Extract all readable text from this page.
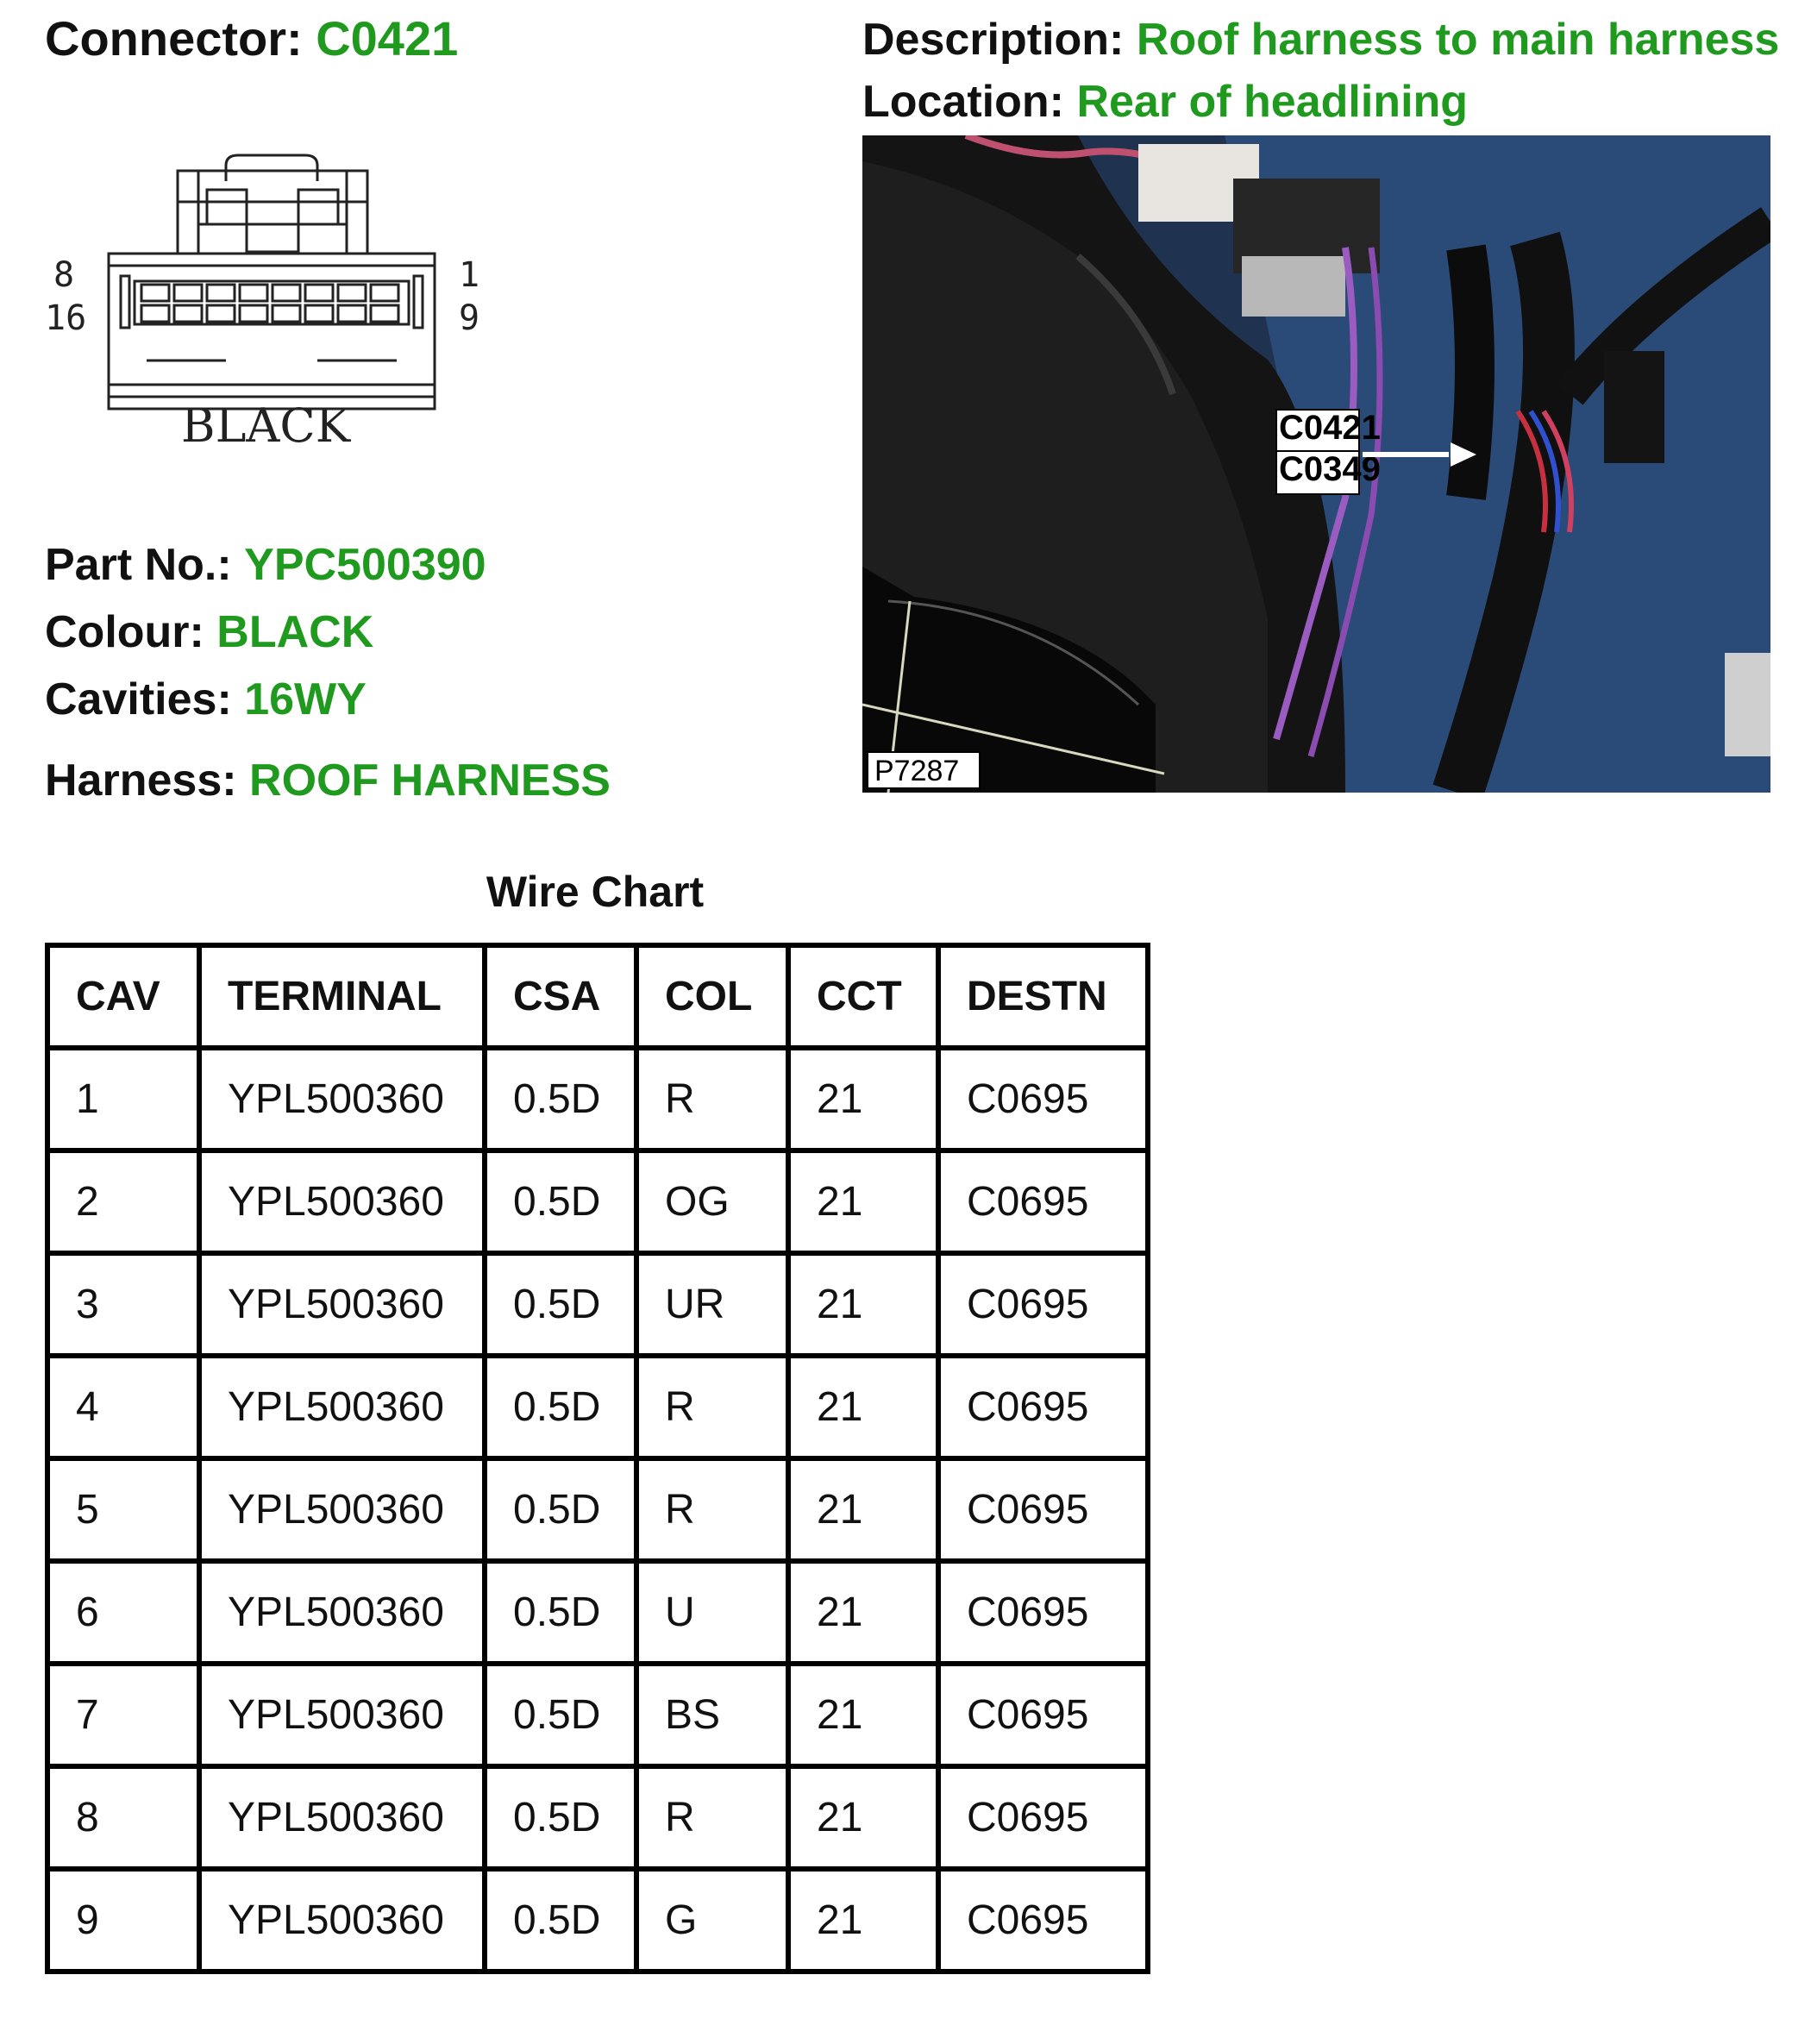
Connector: C0421	Description: Roof harness to main harness
Location: Rear of headlining
8
16
1
9
BLACK	C0421
C0349
P7287
Part No.: YPC500390
Colour: BLACK
Cavities: 16WY
Harness: ROOF HARNESS
Wire Chart
CAV	TERMINAL	CSA	COL	CCT	DESTN
1	YPL500360	0.5D	R	21	C0695
2	YPL500360	0.5D	OG	21	C0695
3	YPL500360	0.5D	UR	21	C0695
4	YPL500360	0.5D	R	21	C0695
5	YPL500360	0.5D	R	21	C0695
6	YPL500360	0.5D	U	21	C0695
7	YPL500360	0.5D	BS	21	C0695
8	YPL500360	0.5D	R	21	C0695
9	YPL500360	0.5D	G	21	C0695
